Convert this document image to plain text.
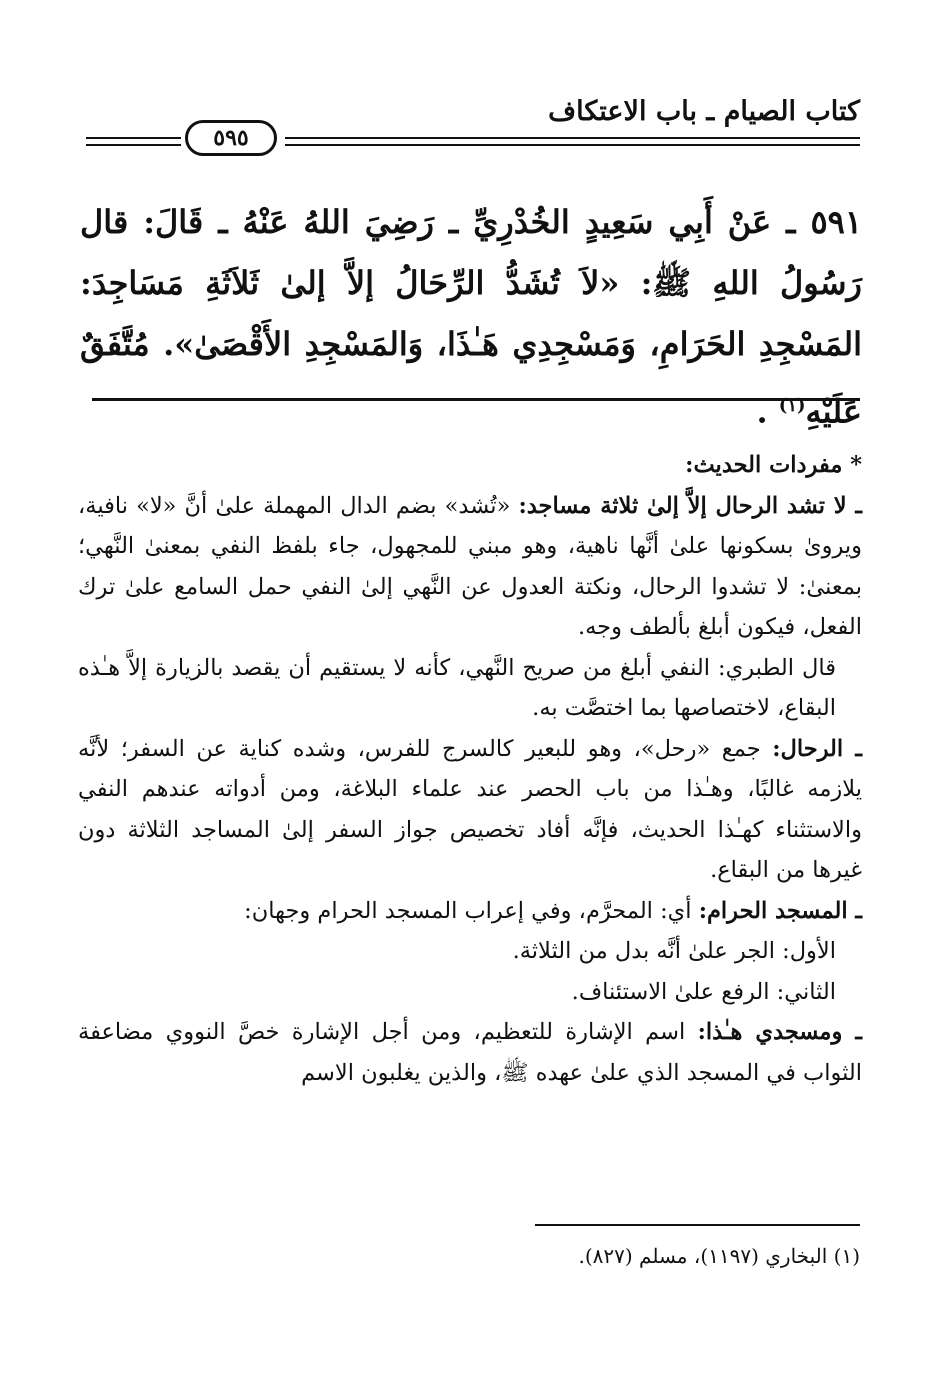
كتاب الصيام ـ باب الاعتكاف
٥٩٥
٥٩١ ـ عَنْ أَبِي سَعِيدٍ الخُدْرِيِّ ـ رَضِيَ اللهُ عَنْهُ ـ قَالَ: قال رَسُولُ اللهِ ﷺ: «لاَ تُشَدُّ الرِّحَالُ إلاَّ إلىٰ ثَلاَثَةِ مَسَاجِدَ: المَسْجِدِ الحَرَامِ، وَمَسْجِدِي هَـٰذَا، وَالمَسْجِدِ الأَقْصَىٰ». مُتَّفَقٌ عَلَيْهِ$^{(١)}$ .

* مفردات الحديث:

ـ لا تشد الرحال إلاَّ إلىٰ ثلاثة مساجد: «تُشد» بضم الدال المهملة علىٰ أنَّ «لا» نافية، ويروىٰ بسكونها علىٰ أنَّها ناهية، وهو مبني للمجهول، جاء بلفظ النفي بمعنىٰ النَّهي؛ بمعنىٰ: لا تشدوا الرحال، ونكتة العدول عن النَّهي إلىٰ النفي حمل السامع علىٰ ترك الفعل، فيكون أبلغ بألطف وجه.

قال الطبري: النفي أبلغ من صريح النَّهي، كأنه لا يستقيم أن يقصد بالزيارة إلاَّ هـٰذه البقاع، لاختصاصها بما اختصَّت به.

ـ الرحال: جمع «رحل»، وهو للبعير كالسرج للفرس، وشده كناية عن السفر؛ لأنَّه يلازمه غالبًا، وهـٰذا من باب الحصر عند علماء البلاغة، ومن أدواته عندهم النفي والاستثناء كهـٰذا الحديث، فإنَّه أفاد تخصيص جواز السفر إلىٰ المساجد الثلاثة دون غيرها من البقاع.

ـ المسجد الحرام: أي: المحرَّم، وفي إعراب المسجد الحرام وجهان:

الأول: الجر علىٰ أنَّه بدل من الثلاثة.

الثاني: الرفع علىٰ الاستئناف.

ـ ومسجدي هـٰذا: اسم الإشارة للتعظيم، ومن أجل الإشارة خصَّ النووي مضاعفة الثواب في المسجد الذي علىٰ عهده ﷺ، والذين يغلبون الاسم

(١) البخاري (١١٩٧)، مسلم (٨٢٧).
